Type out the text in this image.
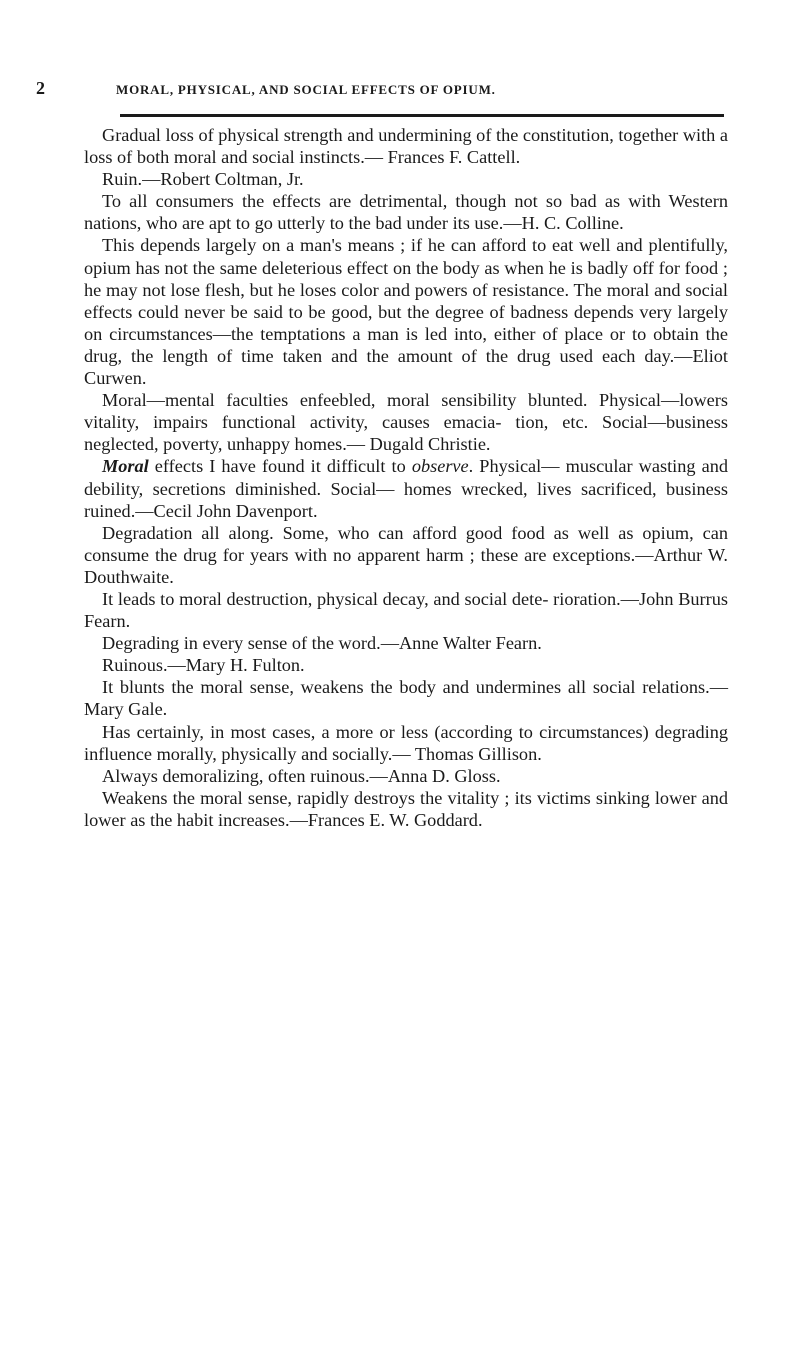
2	MORAL, PHYSICAL, AND SOCIAL EFFECTS OF OPIUM.

Gradual loss of physical strength and undermining of the constitution, together with a loss of both moral and social instincts.— Frances F. Cattell.

Ruin.—Robert Coltman, Jr.

To all consumers the effects are detrimental, though not so bad as with Western nations, who are apt to go utterly to the bad under its use.—H. C. Colline.

This depends largely on a man's means ; if he can afford to eat well and plentifully, opium has not the same deleterious effect on the body as when he is badly off for food ; he may not lose flesh, but he loses color and powers of resistance. The moral and social effects could never be said to be good, but the degree of badness depends very largely on circumstances—the temptations a man is led into, either of place or to obtain the drug, the length of time taken and the amount of the drug used each day.—Eliot Curwen.

Moral—mental faculties enfeebled, moral sensibility blunted. Physical—lowers vitality, impairs functional activity, causes emacia- tion, etc. Social—business neglected, poverty, unhappy homes.— Dugald Christie.

Moral effects I have found it difficult to observe. Physical— muscular wasting and debility, secretions diminished. Social— homes wrecked, lives sacrificed, business ruined.—Cecil John Davenport.

Degradation all along. Some, who can afford good food as well as opium, can consume the drug for years with no apparent harm ; these are exceptions.—Arthur W. Douthwaite.

It leads to moral destruction, physical decay, and social dete- rioration.—John Burrus Fearn.

Degrading in every sense of the word.—Anne Walter Fearn.

Ruinous.—Mary H. Fulton.

It blunts the moral sense, weakens the body and undermines all social relations.—Mary Gale.

Has certainly, in most cases, a more or less (according to circumstances) degrading influence morally, physically and socially.— Thomas Gillison.

Always demoralizing, often ruinous.—Anna D. Gloss.

Weakens the moral sense, rapidly destroys the vitality ; its victims sinking lower and lower as the habit increases.—Frances E. W. Goddard.
